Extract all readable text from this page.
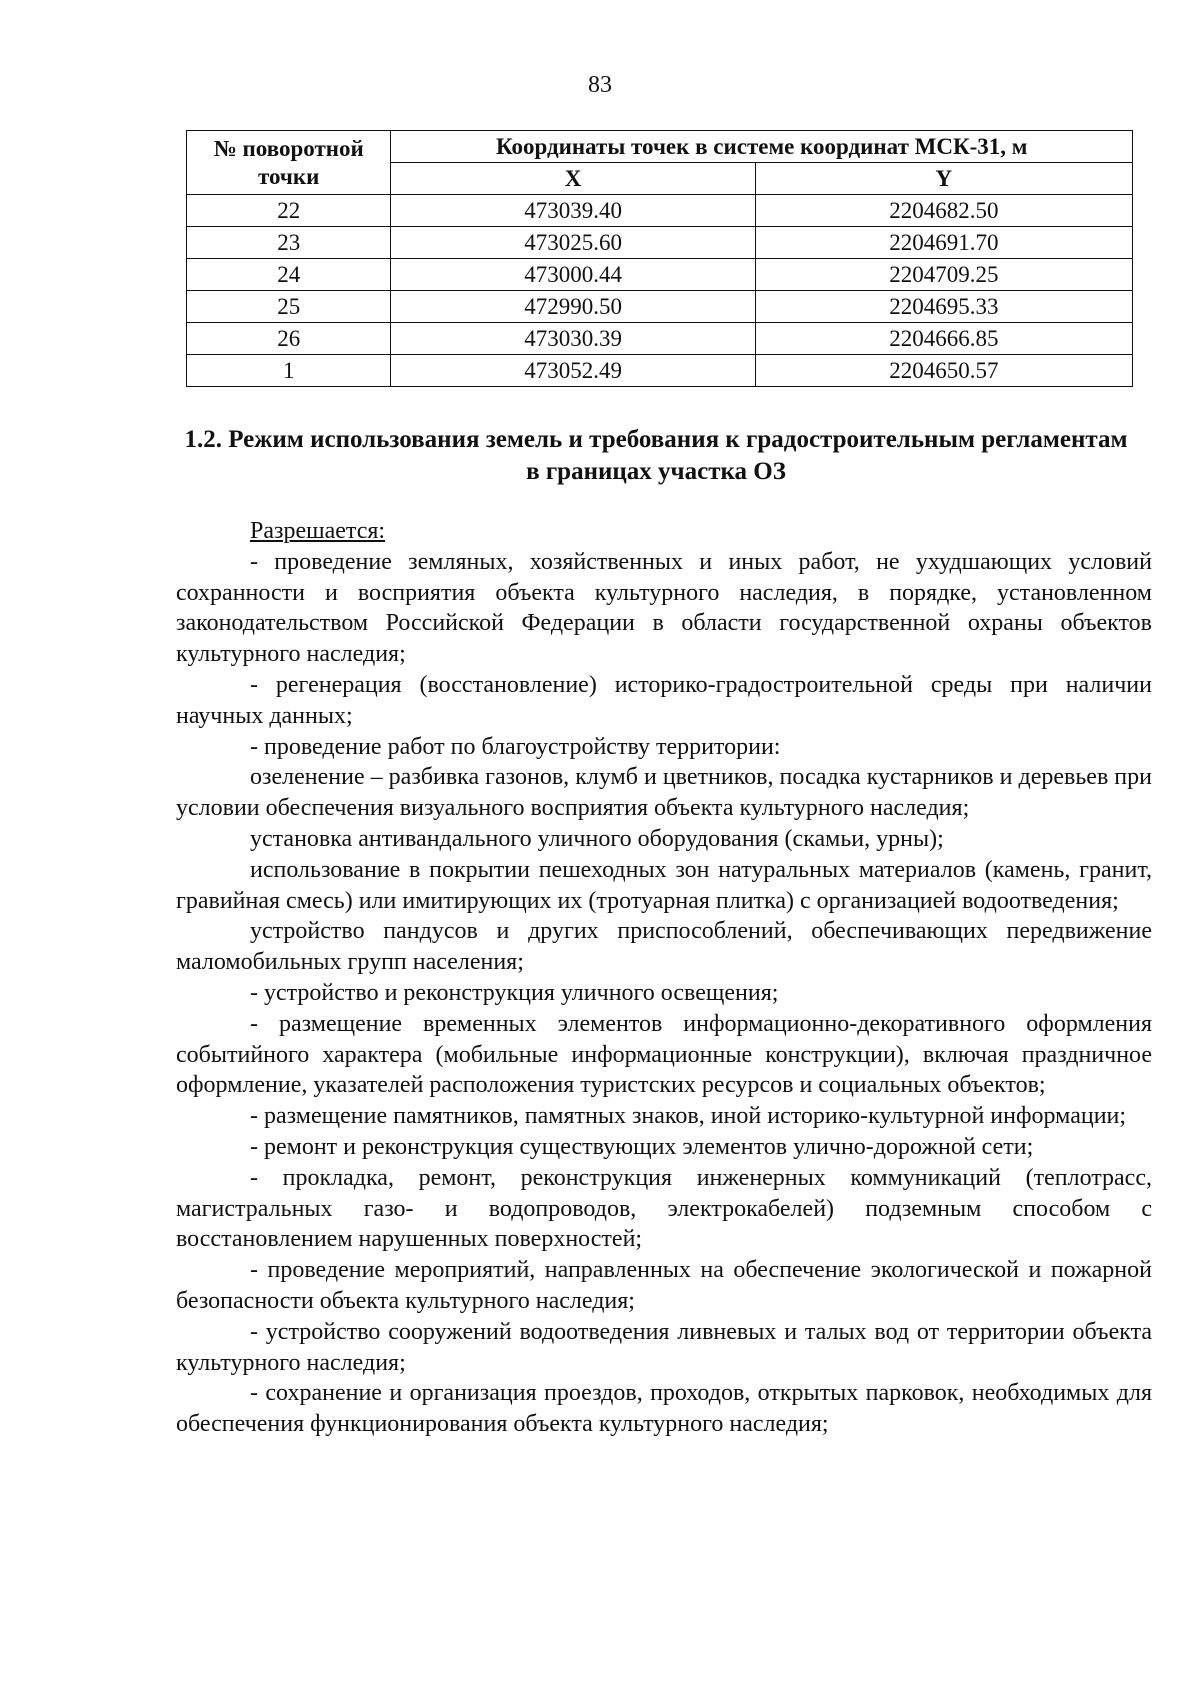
83
№ поворотной точки	Координаты точек в системе координат МСК-31, м	
	X	Y
22	473039.40	2204682.50
23	473025.60	2204691.70
24	473000.44	2204709.25
25	472990.50	2204695.33
26	473030.39	2204666.85
1	473052.49	2204650.57
1.2. Режим использования земель и требования к градостроительным регламентам в границах участка ОЗ

Разрешается:

- проведение земляных, хозяйственных и иных работ, не ухудшающих условий сохранности и восприятия объекта культурного наследия, в порядке, установленном законодательством Российской Федерации в области государственной охраны объектов культурного наследия;

- регенерация (восстановление) историко-градостроительной среды при наличии научных данных;

- проведение работ по благоустройству территории:

озеленение – разбивка газонов, клумб и цветников, посадка кустарников и деревьев при условии обеспечения визуального восприятия объекта культурного наследия;

установка антивандального уличного оборудования (скамьи, урны);

использование в покрытии пешеходных зон натуральных материалов (камень, гранит, гравийная смесь) или имитирующих их (тротуарная плитка) с организацией водоотведения;

устройство пандусов и других приспособлений, обеспечивающих передвижение маломобильных групп населения;

- устройство и реконструкция уличного освещения;

- размещение временных элементов информационно-декоративного оформления событийного характера (мобильные информационные конструкции), включая праздничное оформление, указателей расположения туристских ресурсов и социальных объектов;

- размещение памятников, памятных знаков, иной историко-культурной информации;

- ремонт и реконструкция существующих элементов улично-дорожной сети;

- прокладка, ремонт, реконструкция инженерных коммуникаций (теплотрасс, магистральных газо- и водопроводов, электрокабелей) подземным способом с восстановлением нарушенных поверхностей;

- проведение мероприятий, направленных на обеспечение экологической и пожарной безопасности объекта культурного наследия;

- устройство сооружений водоотведения ливневых и талых вод от территории объекта культурного наследия;

- сохранение и организация проездов, проходов, открытых парковок, необходимых для обеспечения функционирования объекта культурного наследия;
